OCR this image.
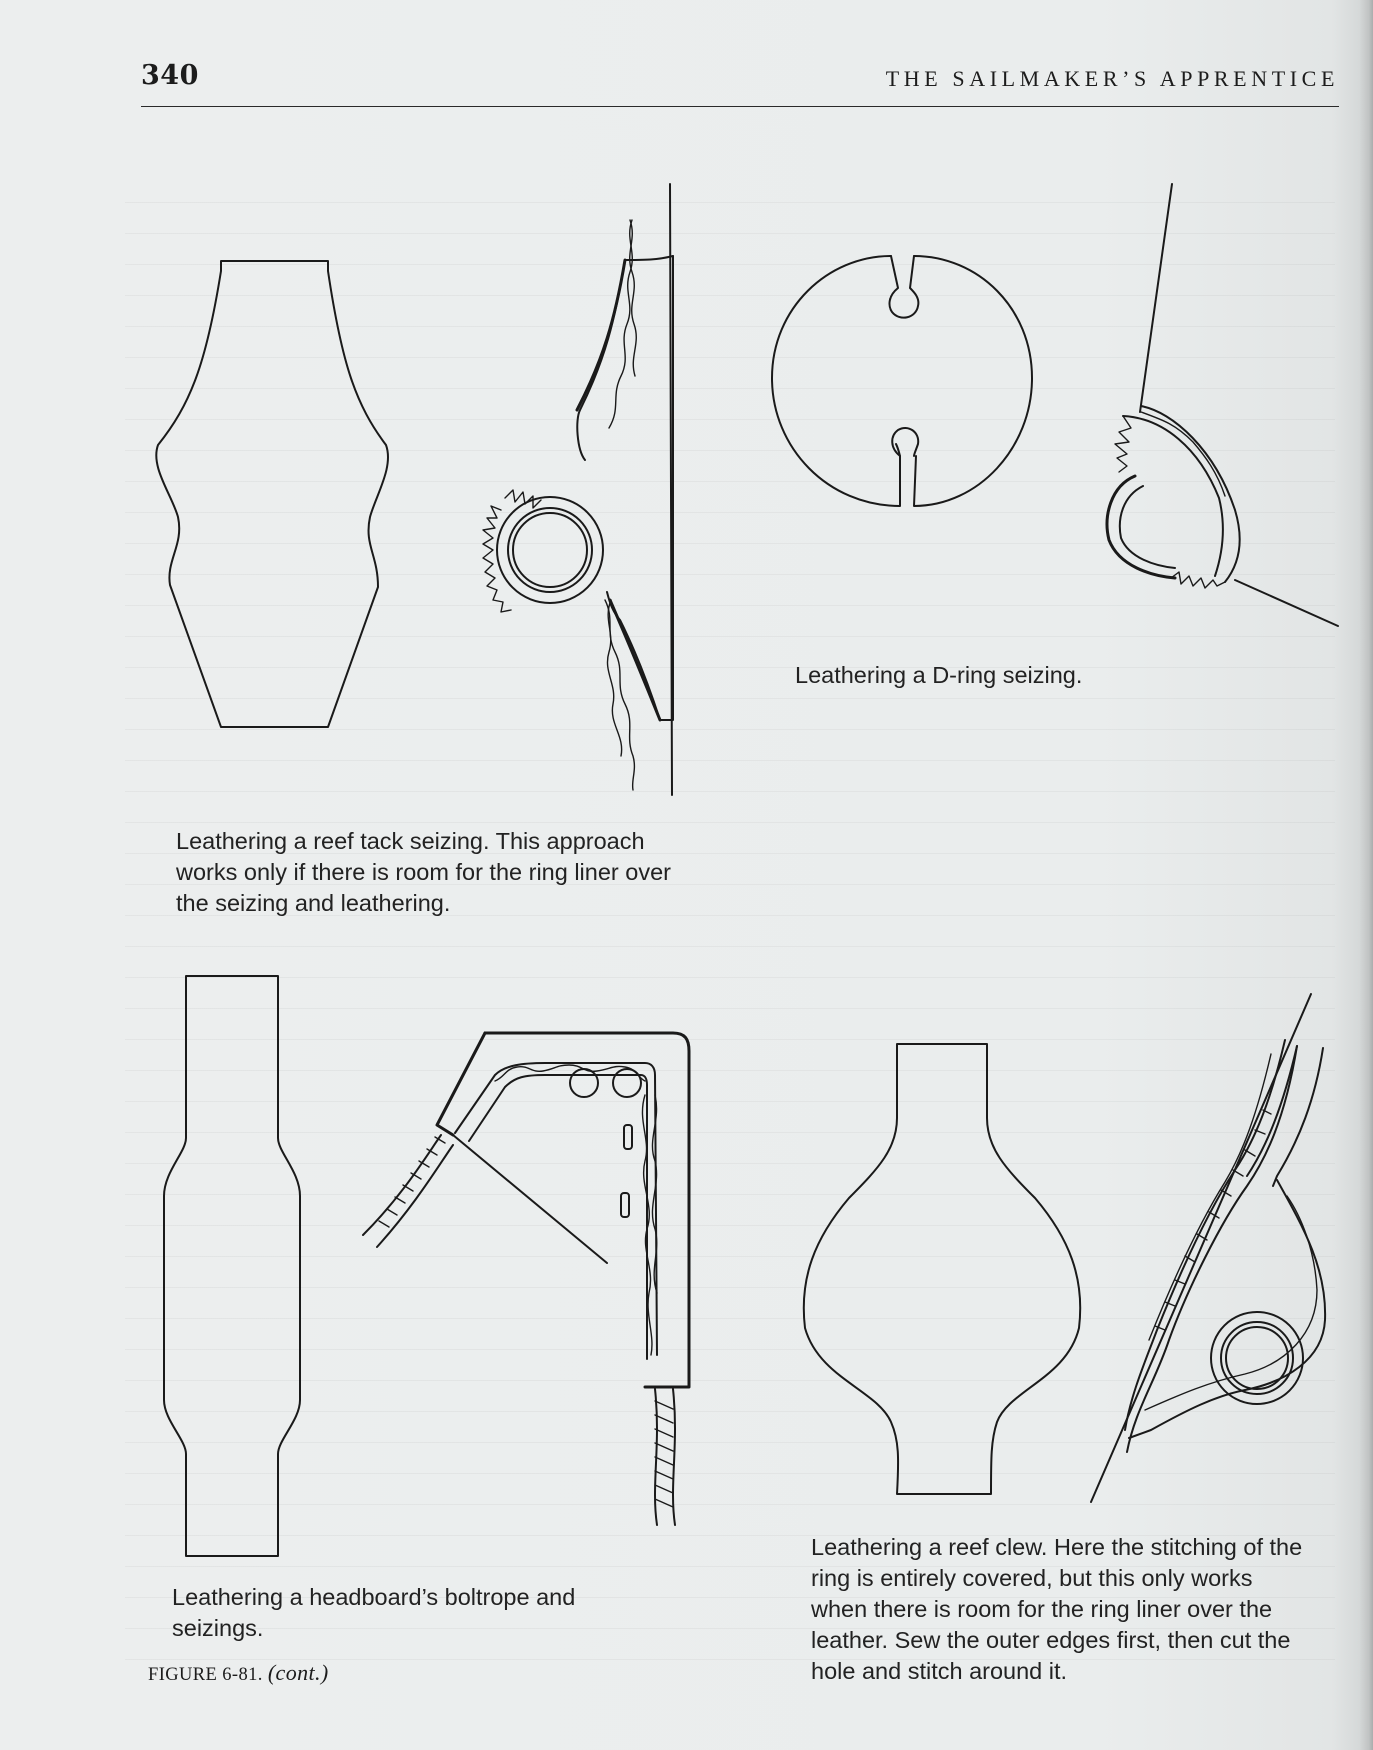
340	THE SAILMAKER’S APPRENTICE

Leathering a D-ring seizing.

Leathering a reef tack seizing. This approach works only if there is room for the ring liner over the seizing and leathering.

Leathering a headboard’s boltrope and seizings.

Leathering a reef clew. Here the stitching of the ring is entirely covered, but this only works when there is room for the ring liner over the leather. Sew the outer edges first, then cut the hole and stitch around it.

FIGURE 6-81. (cont.)
